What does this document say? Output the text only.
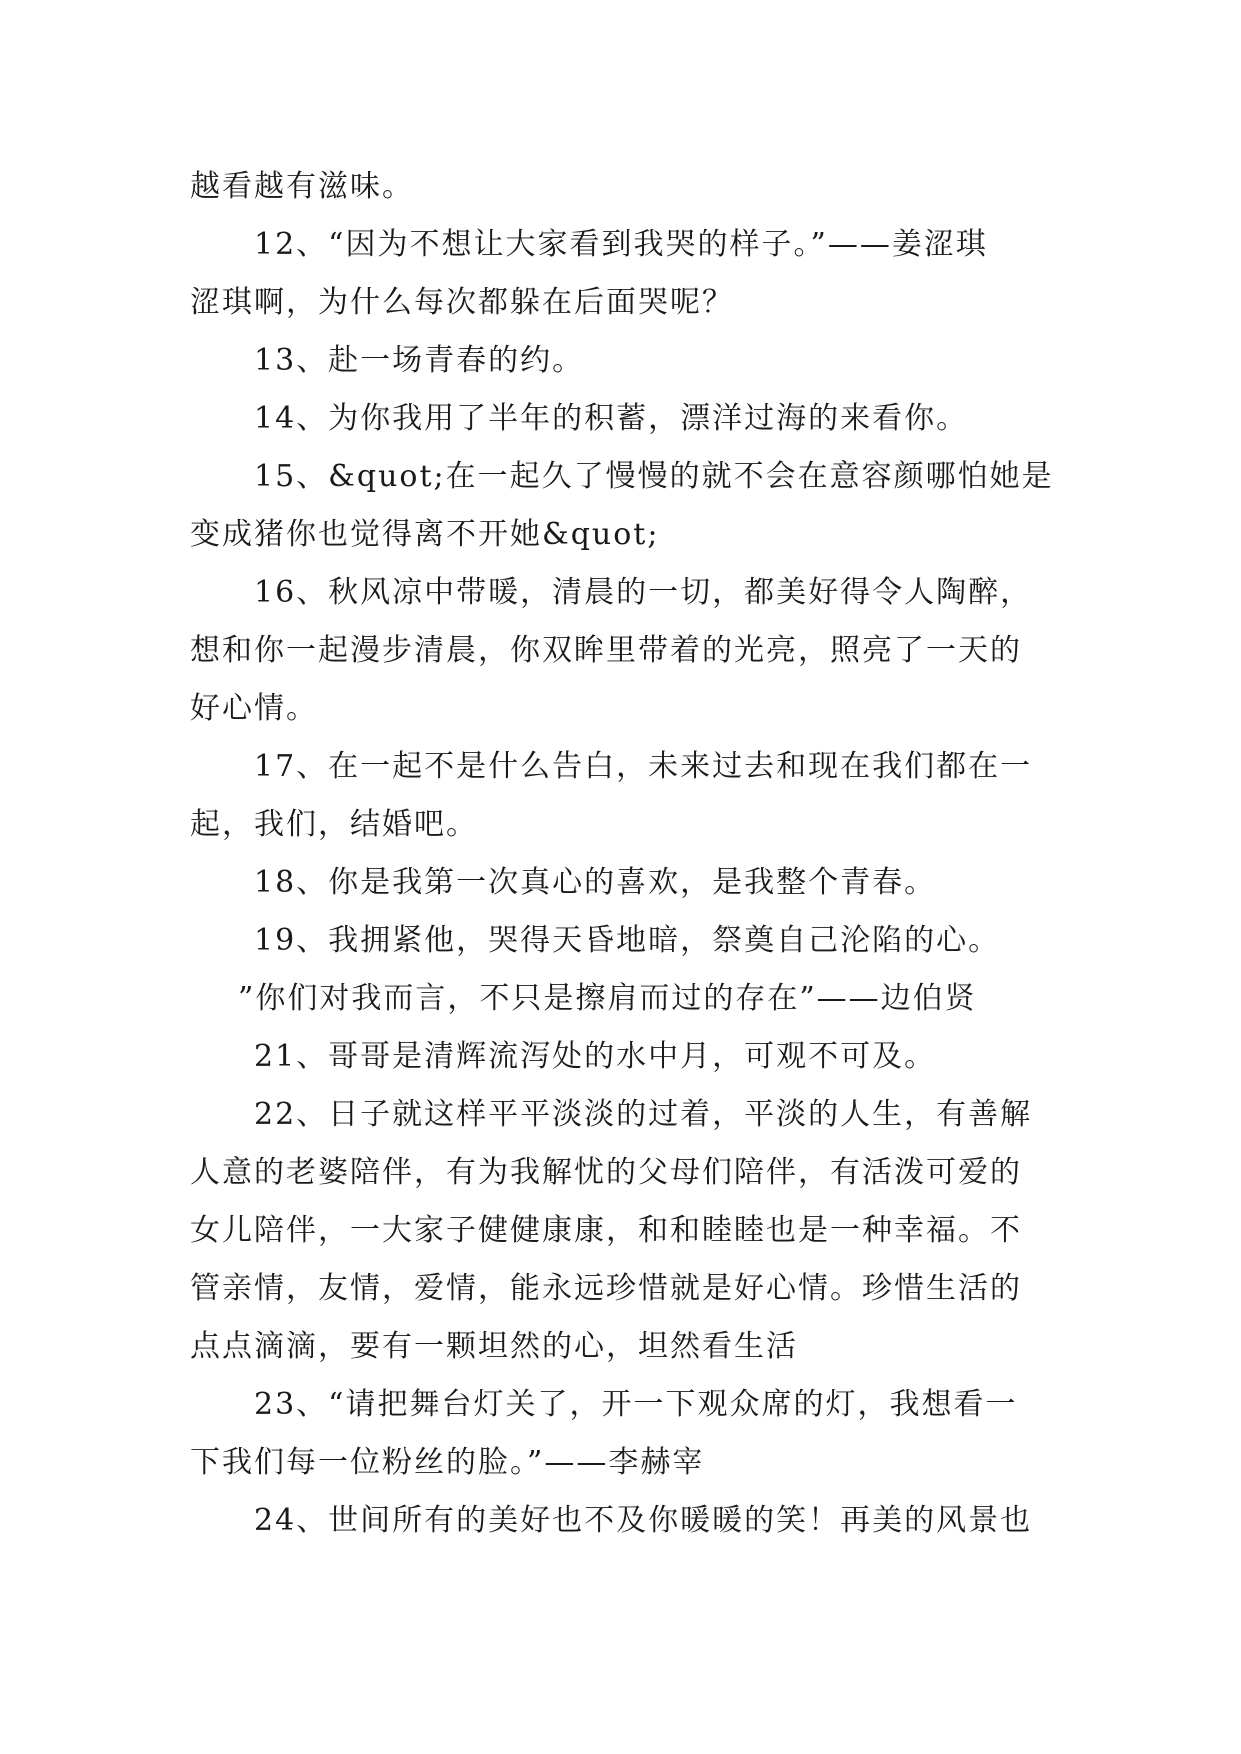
越看越有滋味。
12、“因为不想让大家看到我哭的样子。”——姜涩琪
涩琪啊，为什么每次都躲在后面哭呢？
13、赴一场青春的约。
14、为你我用了半年的积蓄，漂洋过海的来看你。
15、&quot;在一起久了慢慢的就不会在意容颜哪怕她是
变成猪你也觉得离不开她&quot;
16、秋风凉中带暖，清晨的一切，都美好得令人陶醉，
想和你一起漫步清晨，你双眸里带着的光亮，照亮了一天的
好心情。
17、在一起不是什么告白，未来过去和现在我们都在一
起，我们，结婚吧。
18、你是我第一次真心的喜欢，是我整个青春。
19、我拥紧他，哭得天昏地暗，祭奠自己沦陷的心。
”你们对我而言，不只是擦肩而过的存在”——边伯贤
21、哥哥是清辉流泻处的水中月，可观不可及。
22、日子就这样平平淡淡的过着，平淡的人生，有善解
人意的老婆陪伴，有为我解忧的父母们陪伴，有活泼可爱的
女儿陪伴，一大家子健健康康，和和睦睦也是一种幸福。不
管亲情，友情，爱情，能永远珍惜就是好心情。珍惜生活的
点点滴滴，要有一颗坦然的心，坦然看生活
23、“请把舞台灯关了，开一下观众席的灯，我想看一
下我们每一位粉丝的脸。”——李赫宰
24、世间所有的美好也不及你暖暖的笑！再美的风景也
